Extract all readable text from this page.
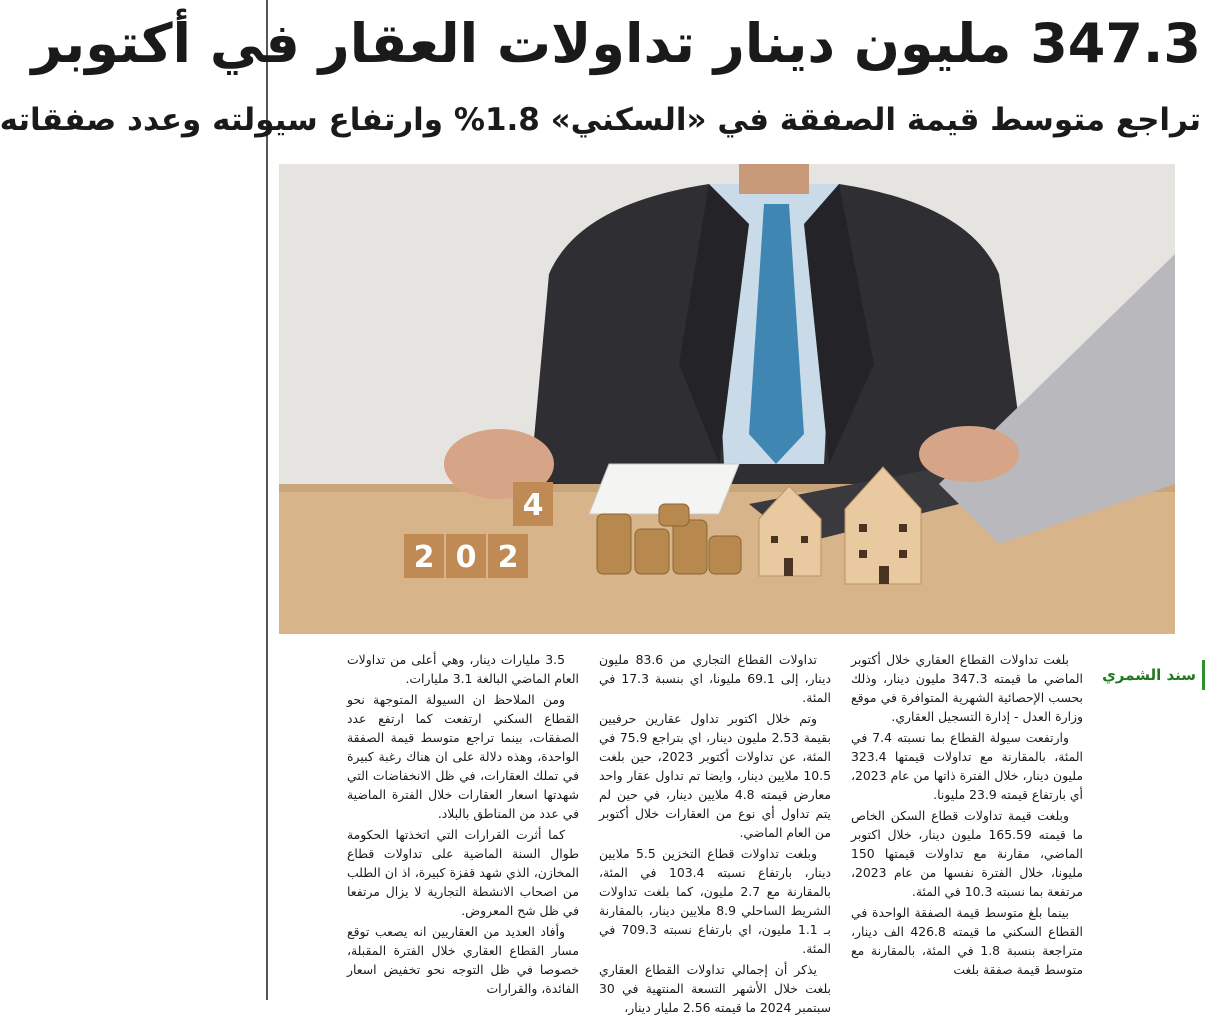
347.3 مليون دينار تداولات العقار في أكتوبر
تراجع متوسط قيمة الصفقة في «السكني» 1.8% وارتفاع سيولته وعدد صفقاته
2 0 2
4
سند الشمري

بلغت تداولات القطاع العقاري خلال أكتوبر الماضي ما قيمته 347.3 مليون دينار، وذلك بحسب الإحصائية الشهرية المتوافرة في موقع وزارة العدل - إدارة التسجيل العقاري.

وارتفعت سيولة القطاع بما نسبته 7.4 في المئة، بالمقارنة مع تداولات قيمتها 323.4 مليون دينار، خلال الفترة ذاتها من عام 2023، أي بارتفاع قيمته 23.9 مليونا.

وبلغت قيمة تداولات قطاع السكن الخاص ما قيمته 165.59 مليون دينار، خلال اكتوبر الماضي، مقارنة مع تداولات قيمتها 150 مليونا، خلال الفترة نفسها من عام 2023، مرتفعة بما نسبته 10.3 في المئة.

بينما بلغ متوسط قيمة الصفقة الواحدة في القطاع السكني ما قيمته 426.8 الف دينار، متراجعة بنسبة 1.8 في المئة، بالمقارنة مع متوسط قيمة صفقة بلغت

تداولات القطاع التجاري من 83.6 مليون دينار، إلى 69.1 مليونا، اي بنسبة 17.3 في المئة.

وتم خلال اكتوبر تداول عقارين حرفيين بقيمة 2.53 مليون دينار، اي بتراجع 75.9 في المئة، عن تداولات أكتوبر 2023، حين بلغت 10.5 ملايين دينار، وايضا تم تداول عقار واحد معارض قيمته 4.8 ملايين دينار، في حين لم يتم تداول أي نوع من العقارات خلال أكتوبر من العام الماضي.

وبلغت تداولات قطاع التخزين 5.5 ملايين دينار، بارتفاع نسبته 103.4 في المئة، بالمقارنة مع 2.7 مليون، كما بلغت تداولات الشريط الساحلي 8.9 ملايين دينار، بالمقارنة بـ 1.1 مليون، اي بارتفاع نسبته 709.3 في المئة.

يذكر أن إجمالي تداولات القطاع العقاري بلغت خلال الأشهر التسعة المنتهية في 30 سبتمبر 2024 ما قيمته 2.56 مليار دينار،

3.5 مليارات دينار، وهي أعلى من تداولات العام الماضي البالغة 3.1 مليارات.

ومن الملاحظ ان السيولة المتوجهة نحو القطاع السكني ارتفعت كما ارتفع عدد الصفقات، بينما تراجع متوسط قيمة الصفقة الواحدة، وهذه دلالة على ان هناك رغبة كبيرة في تملك العقارات، في ظل الانخفاضات التي شهدتها اسعار العقارات خلال الفترة الماضية في عدد من المناطق بالبلاد.

كما أثرت القرارات التي اتخذتها الحكومة طوال السنة الماضية على تداولات قطاع المخازن، الذي شهد قفزة كبيرة، اذ ان الطلب من اصحاب الانشطة التجارية لا يزال مرتفعا في ظل شح المعروض.

وأفاد العديد من العقاريين انه يصعب توقع مسار القطاع العقاري خلال الفترة المقبلة، خصوصا في ظل التوجه نحو تخفيض اسعار الفائدة، والقرارات
